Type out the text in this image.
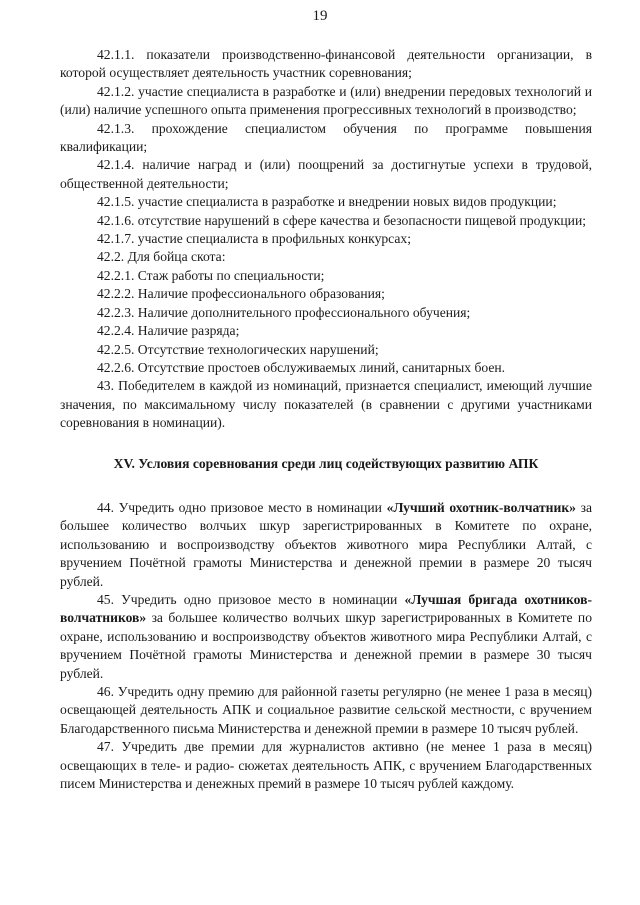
19

42.1.1. показатели производственно-финансовой деятельности организации, в которой осуществляет деятельность участник соревнования;

42.1.2. участие специалиста в разработке и (или) внедрении передовых технологий и (или) наличие успешного опыта применения прогрессивных технологий в производство;

42.1.3. прохождение специалистом обучения по программе повышения квалификации;

42.1.4. наличие наград и (или) поощрений за достигнутые успехи в трудовой, общественной деятельности;

42.1.5. участие специалиста в разработке и внедрении новых видов продукции;

42.1.6. отсутствие нарушений в сфере качества и безопасности пищевой продукции;

42.1.7. участие специалиста в профильных конкурсах;

42.2. Для бойца скота:

42.2.1. Стаж работы по специальности;

42.2.2. Наличие профессионального образования;

42.2.3. Наличие дополнительного профессионального обучения;

42.2.4. Наличие разряда;

42.2.5. Отсутствие технологических нарушений;

42.2.6. Отсутствие простоев обслуживаемых линий, санитарных боен.

43. Победителем в каждой из номинаций, признается специалист, имеющий лучшие значения, по максимальному числу показателей (в сравнении с другими участниками соревнования в номинации).

XV. Условия соревнования среди лиц содействующих развитию АПК

44. Учредить одно призовое место в номинации «Лучший охотник-волчатник» за большее количество волчьих шкур зарегистрированных в Комитете по охране, использованию и воспроизводству объектов животного мира Республики Алтай, с вручением Почётной грамоты Министерства и денежной премии в размере 20 тысяч рублей.

45. Учредить одно призовое место в номинации «Лучшая бригада охотников-волчатников» за большее количество волчьих шкур зарегистрированных в Комитете по охране, использованию и воспроизводству объектов животного мира Республики Алтай, с вручением Почётной грамоты Министерства и денежной премии в размере 30 тысяч рублей.

46. Учредить одну премию для районной газеты регулярно (не менее 1 раза в месяц) освещающей деятельность АПК и социальное развитие сельской местности, с вручением Благодарственного письма Министерства и денежной премии в размере 10 тысяч рублей.

47. Учредить две премии для журналистов активно (не менее 1 раза в месяц) освещающих в теле- и радио- сюжетах деятельность АПК, с вручением Благодарственных писем Министерства и денежных премий в размере 10 тысяч рублей каждому.
